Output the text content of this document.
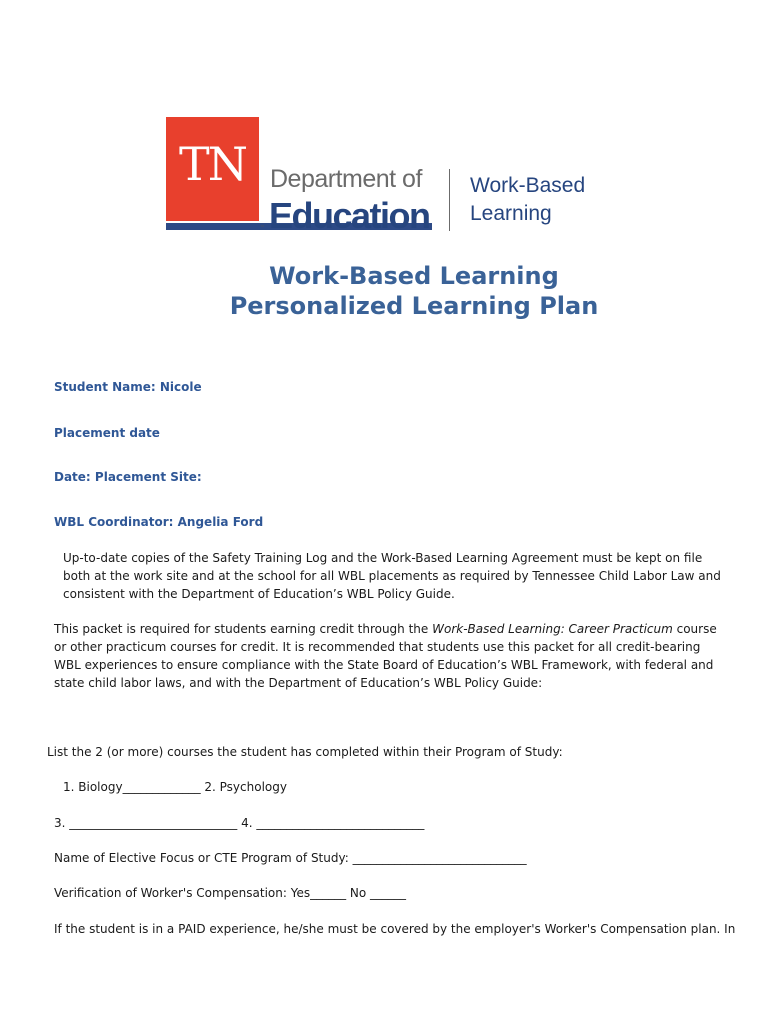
TN
™
Department of
Education
Work-Based
Learning
Work-Based Learning
Personalized Learning Plan
Student Name: Nicole
Placement date
Date: Placement Site:
WBL Coordinator: Angelia Ford
Up-to-date copies of the Safety Training Log and the Work-Based Learning Agreement must be kept on file both at the work site and at the school for all WBL placements as required by Tennessee Child Labor Law and consistent with the Department of Education’s WBL Policy Guide.
This packet is required for students earning credit through the Work-Based Learning: Career Practicum course or other practicum courses for credit. It is recommended that students use this packet for all credit-bearing WBL experiences to ensure compliance with the State Board of Education’s WBL Framework, with federal and state child labor laws, and with the Department of Education’s WBL Policy Guide:
List the 2 (or more) courses the student has completed within their Program of Study:
1. Biology_____________ 2. Psychology
3. ____________________________ 4. ____________________________
Name of Elective Focus or CTE Program of Study: _____________________________
Verification of Worker's Compensation: Yes______ No ______
If the student is in a PAID experience, he/she must be covered by the employer's Worker's Compensation plan. In
